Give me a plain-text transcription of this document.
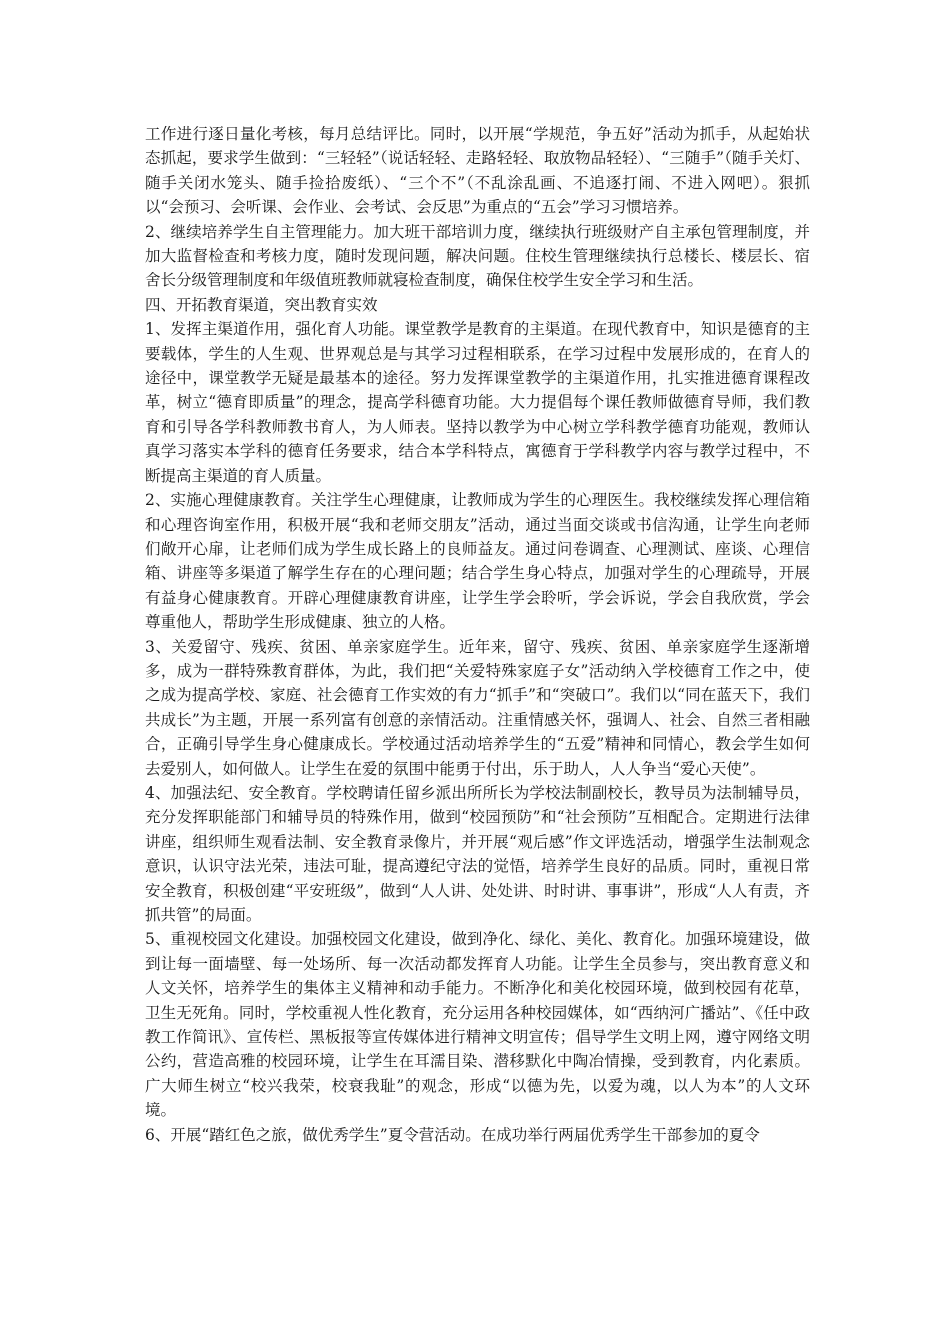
工作进行逐日量化考核，每月总结评比。同时，以开展“学规范，争五好”活动为抓手，从起始状态抓起，要求学生做到：“三轻轻”（说话轻轻、走路轻轻、取放物品轻轻）、“三随手”（随手关灯、随手关闭水笼头、随手捡拾废纸）、“三个不”（不乱涂乱画、不追逐打闹、不进入网吧）。狠抓以“会预习、会听课、会作业、会考试、会反思”为重点的“五会”学习习惯培养。

2、继续培养学生自主管理能力。加大班干部培训力度，继续执行班级财产自主承包管理制度，并加大监督检查和考核力度，随时发现问题，解决问题。住校生管理继续执行总楼长、楼层长、宿舍长分级管理制度和年级值班教师就寝检查制度，确保住校学生安全学习和生活。

四、开拓教育渠道，突出教育实效

1、发挥主渠道作用，强化育人功能。课堂教学是教育的主渠道。在现代教育中，知识是德育的主要载体，学生的人生观、世界观总是与其学习过程相联系，在学习过程中发展形成的，在育人的途径中，课堂教学无疑是最基本的途径。努力发挥课堂教学的主渠道作用，扎实推进德育课程改革，树立“德育即质量”的理念，提高学科德育功能。大力提倡每个课任教师做德育导师，我们教育和引导各学科教师教书育人，为人师表。坚持以教学为中心树立学科教学德育功能观，教师认真学习落实本学科的德育任务要求，结合本学科特点，寓德育于学科教学内容与教学过程中，不断提高主渠道的育人质量。

2、实施心理健康教育。关注学生心理健康，让教师成为学生的心理医生。我校继续发挥心理信箱和心理咨询室作用，积极开展“我和老师交朋友”活动，通过当面交谈或书信沟通，让学生向老师们敞开心扉，让老师们成为学生成长路上的良师益友。通过问卷调查、心理测试、座谈、心理信箱、讲座等多渠道了解学生存在的心理问题；结合学生身心特点，加强对学生的心理疏导，开展有益身心健康教育。开辟心理健康教育讲座，让学生学会聆听，学会诉说，学会自我欣赏，学会尊重他人，帮助学生形成健康、独立的人格。

3、关爱留守、残疾、贫困、单亲家庭学生。近年来，留守、残疾、贫困、单亲家庭学生逐渐增多，成为一群特殊教育群体，为此，我们把“关爱特殊家庭子女”活动纳入学校德育工作之中，使之成为提高学校、家庭、社会德育工作实效的有力“抓手”和“突破口”。我们以“同在蓝天下，我们共成长”为主题，开展一系列富有创意的亲情活动。注重情感关怀，强调人、社会、自然三者相融合，正确引导学生身心健康成长。学校通过活动培养学生的“五爱”精神和同情心，教会学生如何去爱别人，如何做人。让学生在爱的氛围中能勇于付出，乐于助人，人人争当“爱心天使”。

4、加强法纪、安全教育。学校聘请任留乡派出所所长为学校法制副校长，教导员为法制辅导员，充分发挥职能部门和辅导员的特殊作用，做到“校园预防”和“社会预防”互相配合。定期进行法律讲座，组织师生观看法制、安全教育录像片，并开展“观后感”作文评选活动，增强学生法制观念意识，认识守法光荣，违法可耻，提高遵纪守法的觉悟，培养学生良好的品质。同时，重视日常安全教育，积极创建“平安班级”，做到“人人讲、处处讲、时时讲、事事讲”，形成“人人有责，齐抓共管”的局面。

5、重视校园文化建设。加强校园文化建设，做到净化、绿化、美化、教育化。加强环境建设，做到让每一面墙壁、每一处场所、每一次活动都发挥育人功能。让学生全员参与，突出教育意义和人文关怀，培养学生的集体主义精神和动手能力。不断净化和美化校园环境，做到校园有花草，卫生无死角。同时，学校重视人性化教育，充分运用各种校园媒体，如“西纳河广播站”、《任中政教工作简讯》、宣传栏、黑板报等宣传媒体进行精神文明宣传；倡导学生文明上网，遵守网络文明公约，营造高雅的校园环境，让学生在耳濡目染、潜移默化中陶冶情操，受到教育，内化素质。广大师生树立“校兴我荣，校衰我耻”的观念，形成“以德为先，以爱为魂，以人为本”的人文环境。

6、开展“踏红色之旅，做优秀学生”夏令营活动。在成功举行两届优秀学生干部参加的夏令
